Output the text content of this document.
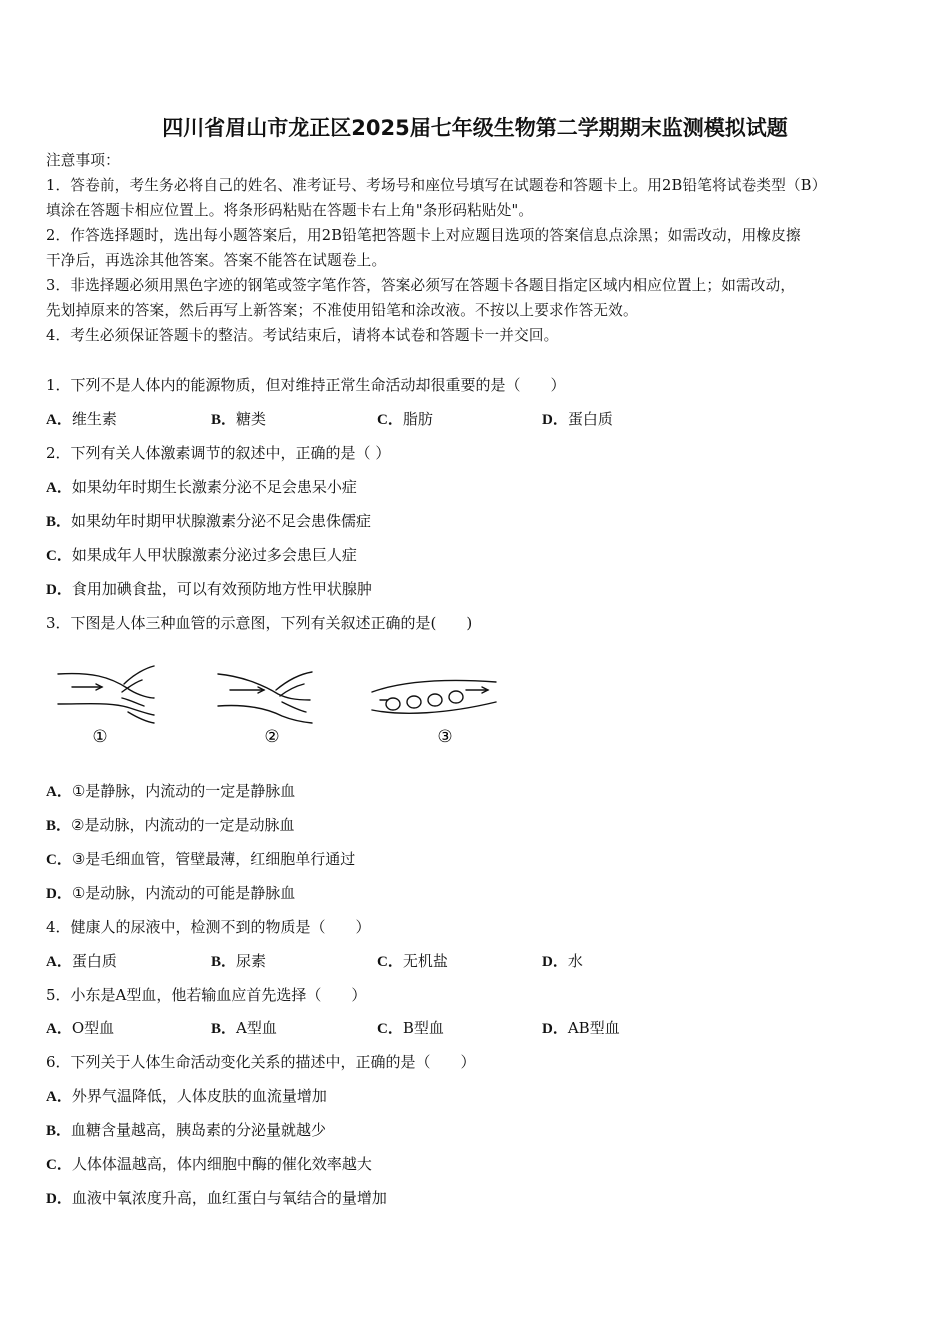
四川省眉山市龙正区2025届七年级生物第二学期期末监测模拟试题
注意事项：
1．答卷前，考生务必将自己的姓名、准考证号、考场号和座位号填写在试题卷和答题卡上。用2B铅笔将试卷类型（B）
填涂在答题卡相应位置上。将条形码粘贴在答题卡右上角"条形码粘贴处"。
2．作答选择题时，选出每小题答案后，用2B铅笔把答题卡上对应题目选项的答案信息点涂黑；如需改动，用橡皮擦
干净后，再选涂其他答案。答案不能答在试题卷上。
3．非选择题必须用黑色字迹的钢笔或签字笔作答，答案必须写在答题卡各题目指定区域内相应位置上；如需改动，
先划掉原来的答案，然后再写上新答案；不准使用铅笔和涂改液。不按以上要求作答无效。
4．考生必须保证答题卡的整洁。考试结束后，请将本试卷和答题卡一并交回。
1．下列不是人体内的能源物质，但对维持正常生命活动却很重要的是（　　）
A．维生素	B．糖类	C．脂肪	D．蛋白质
2．下列有关人体激素调节的叙述中，正确的是（ ）
A．如果幼年时期生长激素分泌不足会患呆小症
B．如果幼年时期甲状腺激素分泌不足会患侏儒症
C．如果成年人甲状腺激素分泌过多会患巨人症
D．食用加碘食盐，可以有效预防地方性甲状腺肿
3．下图是人体三种血管的示意图，下列有关叙述正确的是(　　)
①	②	③
A．①是静脉，内流动的一定是静脉血
B．②是动脉，内流动的一定是动脉血
C．③是毛细血管，管壁最薄，红细胞单行通过
D．①是动脉，内流动的可能是静脉血
4．健康人的尿液中，检测不到的物质是（　　）
A．蛋白质	B．尿素	C．无机盐	D．水
5．小东是A型血，他若输血应首先选择（　　）
A．O型血	B．A型血	C．B型血	D．AB型血
6．下列关于人体生命活动变化关系的描述中，正确的是（　　）
A．外界气温降低，人体皮肤的血流量增加
B．血糖含量越高，胰岛素的分泌量就越少
C．人体体温越高，体内细胞中酶的催化效率越大
D．血液中氧浓度升高，血红蛋白与氧结合的量增加
